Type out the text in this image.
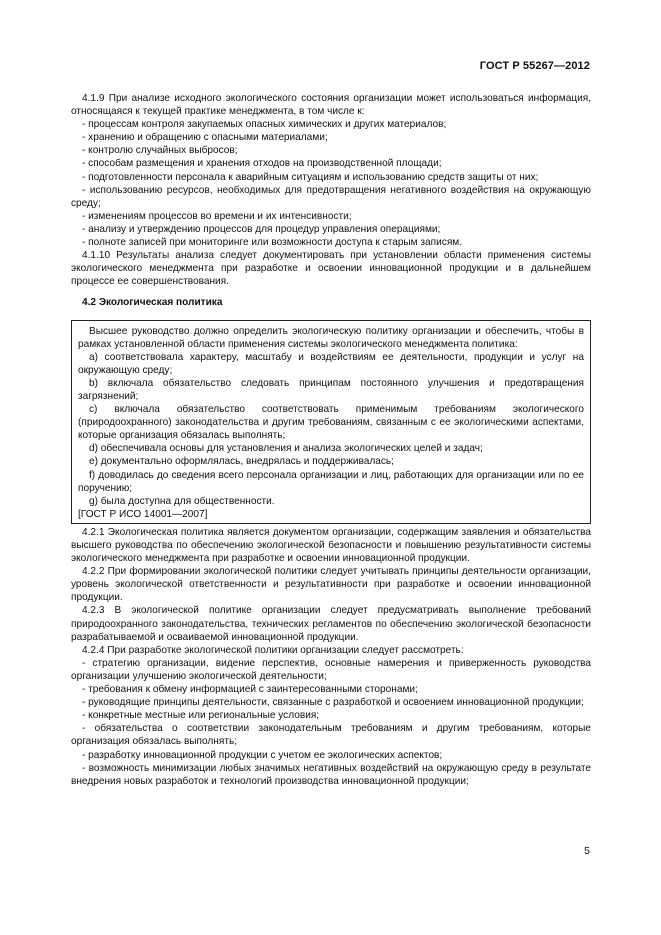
ГОСТ Р 55267—2012

4.1.9 При анализе исходного экологического состояния организации может использоваться информация, относящаяся к текущей практике менеджмента, в том числе к:

- процессам контроля закупаемых опасных химических и других материалов;

- хранению и обращению с опасными материалами;

- контролю случайных выбросов;

- способам размещения и хранения отходов на производственной площади;

- подготовленности персонала к аварийным ситуациям и использованию средств защиты от них;

- использованию ресурсов, необходимых для предотвращения негативного воздействия на окружающую среду;

- изменениям процессов во времени и их интенсивности;

- анализу и утверждению процессов для процедур управления операциями;

- полноте записей при мониторинге или возможности доступа к старым записям.

4.1.10 Результаты анализа следует документировать при установлении области применения системы экологического менеджмента при разработке и освоении инновационной продукции и в дальнейшем процессе ее совершенствования.

4.2 Экологическая политика

Высшее руководство должно определить экологическую политику организации и обеспечить, чтобы в рамках установленной области применения системы экологического менеджмента политика:

a) соответствовала характеру, масштабу и воздействиям ее деятельности, продукции и услуг на окружающую среду;

b) включала обязательство следовать принципам постоянного улучшения и предотвращения загрязнений;

c) включала обязательство соответствовать применимым требованиям экологического (природоохранного) законодательства и другим требованиям, связанным с ее экологическими аспектами, которые организация обязалась выполнять;

d) обеспечивала основы для установления и анализа экологических целей и задач;

e) документально оформлялась, внедрялась и поддерживалась;

f) доводилась до сведения всего персонала организации и лиц, работающих для организации или по ее поручению;

g) была доступна для общественности.

[ГОСТ Р ИСО 14001—2007]

4.2.1 Экологическая политика является документом организации, содержащим заявления и обязательства высшего руководства по обеспечению экологической безопасности и повышению результативности системы экологического менеджмента при разработке и освоении инновационной продукции.

4.2.2 При формировании экологической политики следует учитывать принципы деятельности организации, уровень экологической ответственности и результативности при разработке и освоении инновационной продукции.

4.2.3 В экологической политике организации следует предусматривать выполнение требований природоохранного законодательства, технических регламентов по обеспечению экологической безопасности разрабатываемой и осваиваемой инновационной продукции.

4.2.4 При разработке экологической политики организации следует рассмотреть:

- стратегию организации, видение перспектив, основные намерения и приверженность руководства организации улучшению экологической деятельности;

- требования к обмену информацией с заинтересованными сторонами;

- руководящие принципы деятельности, связанные с разработкой и освоением инновационной продукции;

- конкретные местные или региональные условия;

- обязательства о соответствии законодательным требованиям и другим требованиям, которые организация обязалась выполнять;

- разработку инновационной продукции с учетом ее экологических аспектов;

- возможность минимизации любых значимых негативных воздействий на окружающую среду в результате внедрения новых разработок и технологий производства инновационной продукции;

5
